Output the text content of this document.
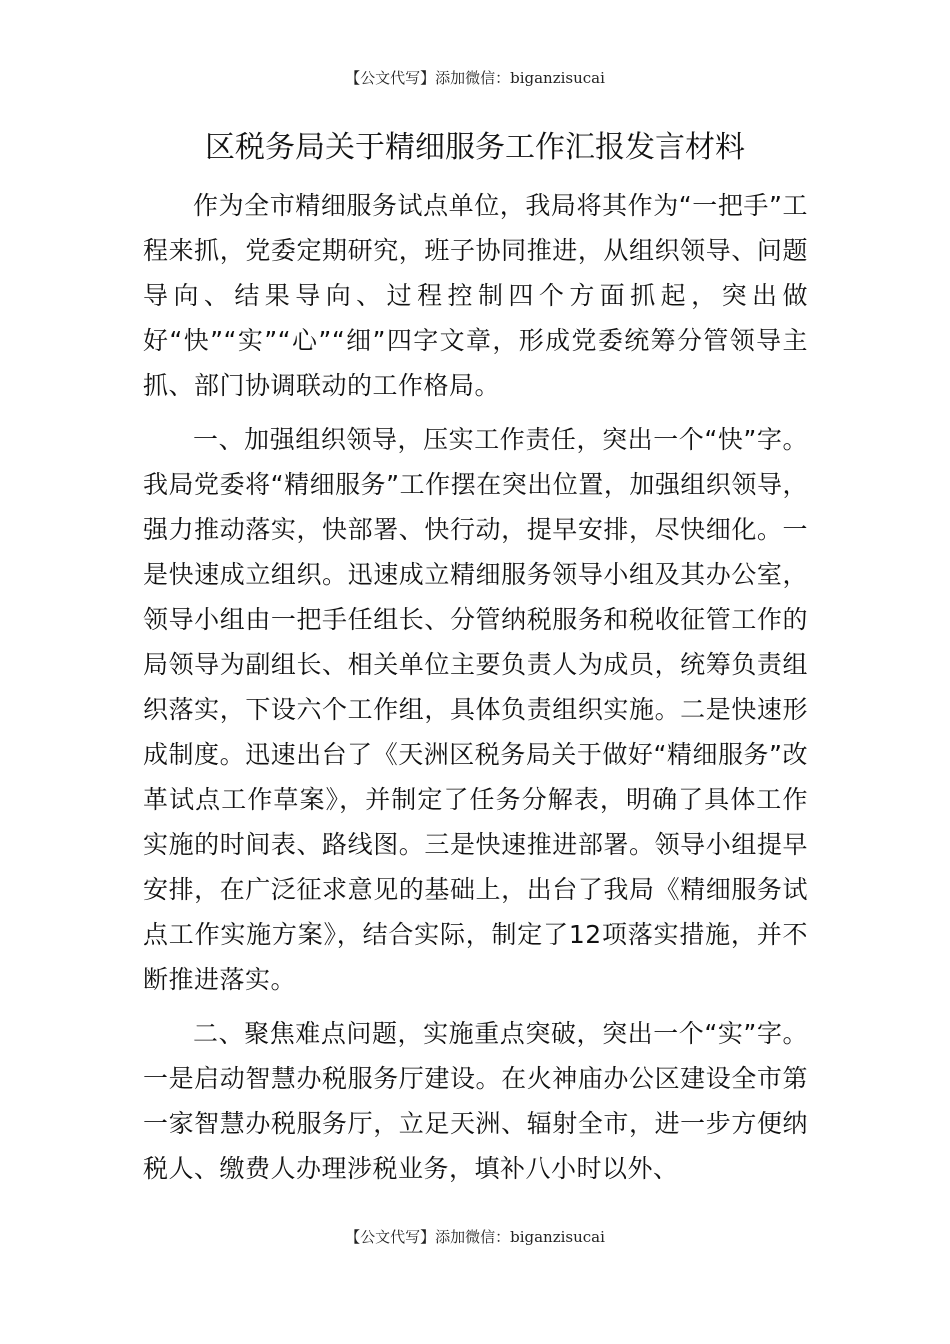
【公文代写】添加微信：biganzisucai
区税务局关于精细服务工作汇报发言材料

作为全市精细服务试点单位，我局将其作为“一把手”工程来抓，党委定期研究，班子协同推进，从组织领导、问题导向、结果导向、过程控制四个方面抓起，突出做好“快”“实”“心”“细”四字文章，形成党委统筹分管领导主抓、部门协调联动的工作格局。

一、加强组织领导，压实工作责任，突出一个“快”字。我局党委将“精细服务”工作摆在突出位置，加强组织领导，强力推动落实，快部署、快行动，提早安排，尽快细化。一是快速成立组织。迅速成立精细服务领导小组及其办公室，领导小组由一把手任组长、分管纳税服务和税收征管工作的局领导为副组长、相关单位主要负责人为成员，统筹负责组织落实，下设六个工作组，具体负责组织实施。二是快速形成制度。迅速出台了《天洲区税务局关于做好“精细服务”改革试点工作草案》，并制定了任务分解表，明确了具体工作实施的时间表、路线图。三是快速推进部署。领导小组提早安排，在广泛征求意见的基础上，出台了我局《精细服务试点工作实施方案》，结合实际，制定了12项落实措施，并不断推进落实。

二、聚焦难点问题，实施重点突破，突出一个“实”字。一是启动智慧办税服务厅建设。在火神庙办公区建设全市第一家智慧办税服务厅，立足天洲、辐射全市，进一步方便纳税人、缴费人办理涉税业务，填补八小时以外、

【公文代写】添加微信：biganzisucai
